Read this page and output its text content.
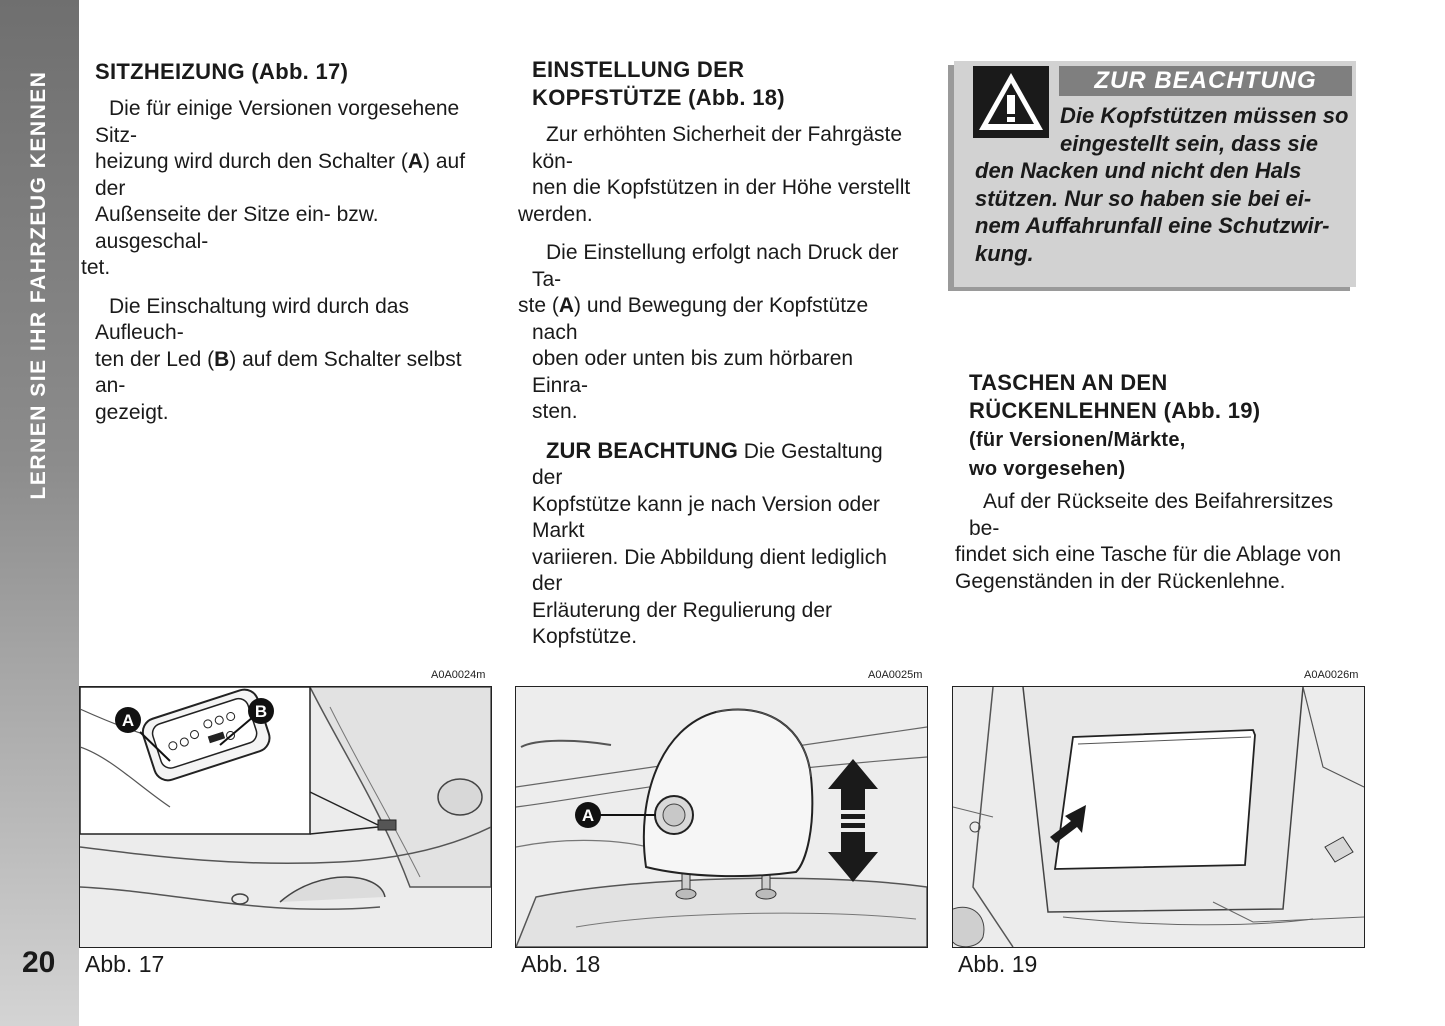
LERNEN SIE IHR FAHRZEUG KENNEN
20
SITZHEIZUNG (Abb. 17)

Die für einige Versionen vorgesehene Sitz-
heizung wird durch den Schalter (A) auf der
Außenseite der Sitze ein- bzw. ausgeschal-
tet.

Die Einschaltung wird durch das Aufleuch-
ten der Led (B) auf dem Schalter selbst an-
gezeigt.

EINSTELLUNG DER
KOPFSTÜTZE (Abb. 18)

Zur erhöhten Sicherheit der Fahrgäste kön-
nen die Kopfstützen in der Höhe verstellt
werden.

Die Einstellung erfolgt nach Druck der Ta-
ste (A) und Bewegung der Kopfstütze nach
oben oder unten bis zum hörbaren Einra-
sten.

ZUR BEACHTUNG Die Gestaltung der
Kopfstütze kann je nach Version oder Markt
variieren. Die Abbildung dient lediglich der
Erläuterung der Regulierung der Kopfstütze.

ZUR BEACHTUNG
Die Kopfstützen müssen so
eingestellt sein, dass sie
den Nacken und nicht den Hals
stützen. Nur so haben sie bei ei-
nem Auffahrunfall eine Schutzwir-
kung.
TASCHEN AN DEN
RÜCKENLEHNEN (Abb. 19)
(für Versionen/Märkte,
wo vorgesehen)

Auf der Rückseite des Beifahrersitzes be-
findet sich eine Tasche für die Ablage von
Gegenständen in der Rückenlehne.

A0A0024m
A	B
Abb. 17
A0A0025m
A
Abb. 18
A0A0026m
Abb. 19
